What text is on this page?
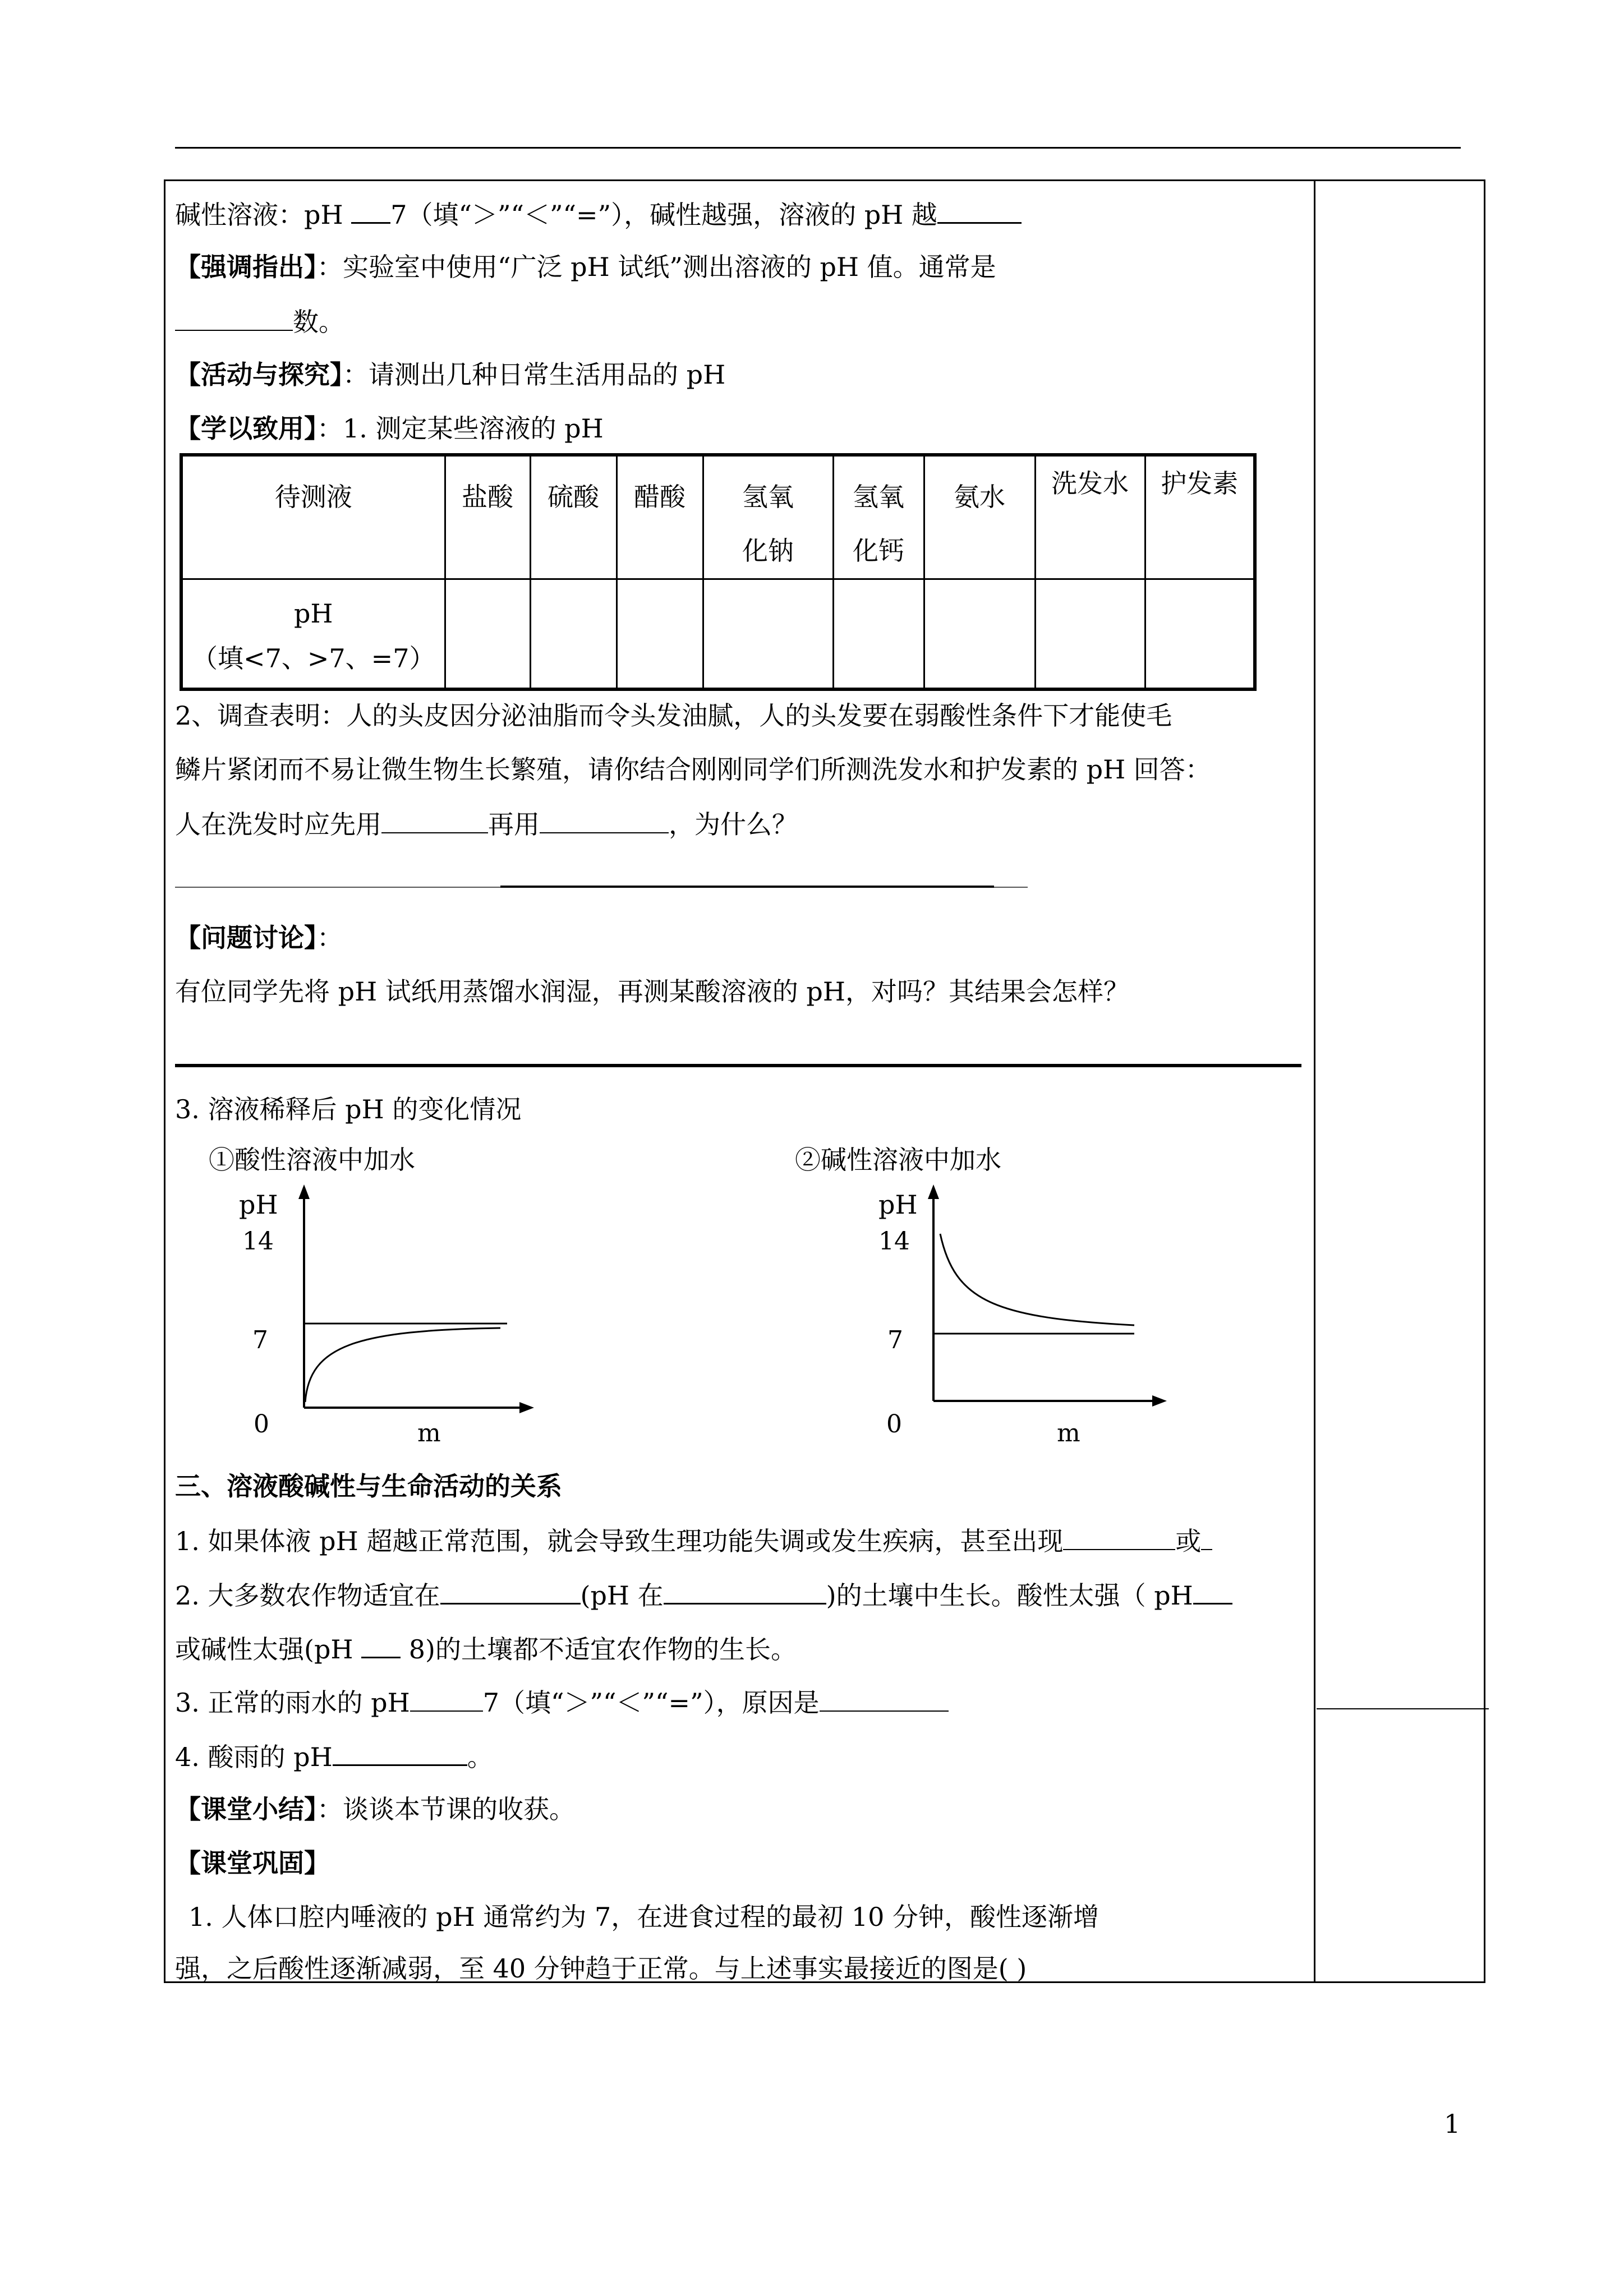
碱性溶液：pH 7（填“＞”“＜”“=”），碱性越强，溶液的 pH 越
【强调指出】：实验室中使用“广泛 pH 试纸”测出溶液的 pH 值。通常是
数。
【活动与探究】：请测出几种日常生活用品的 pH
【学以致用】：1. 测定某些溶液的 pH
待测液	盐酸	硫酸	醋酸	氢氧化钠	氢氧化钙	氨水	洗发水	护发素

pH
（填<7、>7、=7）								

2、调查表明：人的头皮因分泌油脂而令头发油腻，人的头发要在弱酸性条件下才能使毛
鳞片紧闭而不易让微生物生长繁殖，请你结合刚刚同学们所测洗发水和护发素的 pH 回答：
人在洗发时应先用	再用	，为什么？
【问题讨论】：
有位同学先将 pH 试纸用蒸馏水润湿，再测某酸溶液的 pH，对吗？其结果会怎样？
3. 溶液稀释后 pH 的变化情况
①酸性溶液中加水	②碱性溶液中加水
pH
14
7
0	m
pH
14
7
0	m
三、溶液酸碱性与生命活动的关系
1. 如果体液 pH 超越正常范围，就会导致生理功能失调或发生疾病，甚至出现	或
2. 大多数农作物适宜在	(pH 在	)的土壤中生长。酸性太强（ pH
或碱性太强(pH  8)的土壤都不适宜农作物的生长。
3. 正常的雨水的 pH	7（填“＞”“＜”“=”），原因是
4. 酸雨的 pH	。
【课堂小结】：谈谈本节课的收获。
【课堂巩固】
1. 人体口腔内唾液的 pH 通常约为 7，在进食过程的最初 10 分钟，酸性逐渐增
强，之后酸性逐渐减弱，至 40 分钟趋于正常。与上述事实最接近的图是( )
1
